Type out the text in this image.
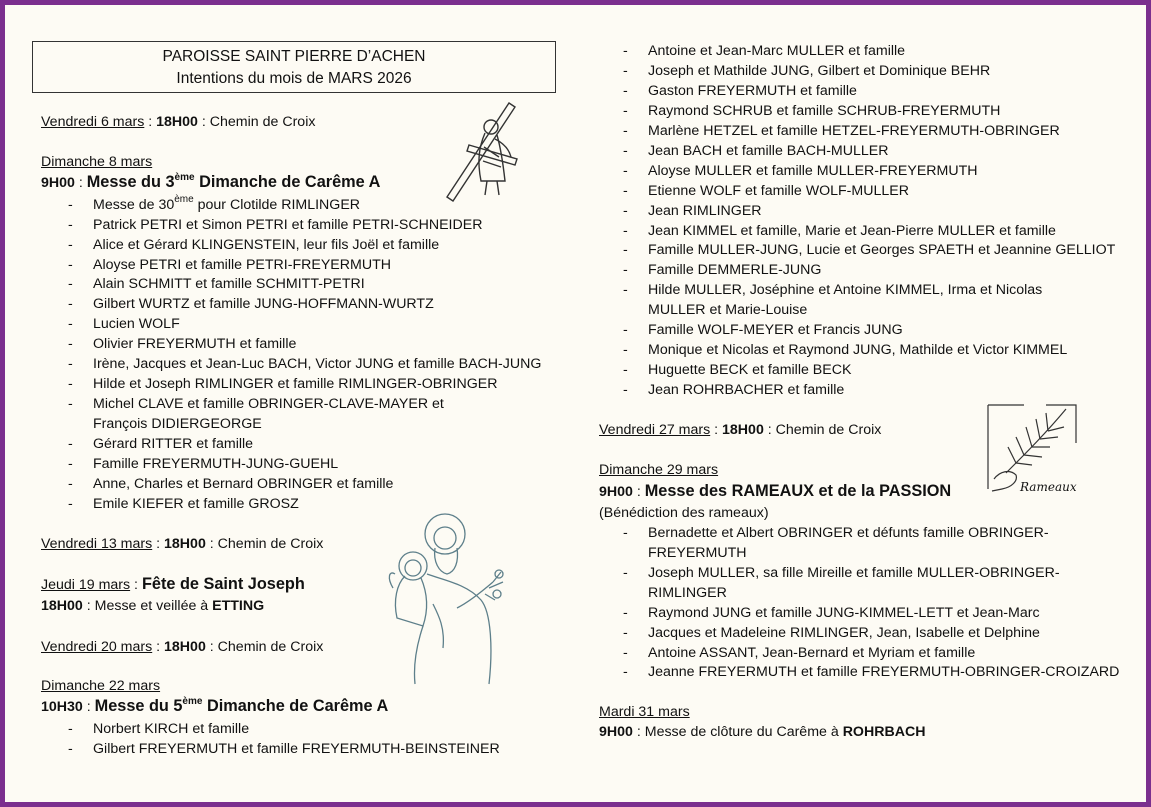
PAROISSE SAINT PIERRE D’ACHEN
Intentions du mois de MARS 2026
Vendredi 6 mars : 18H00 : Chemin de Croix
Dimanche 8 mars
9H00 : Messe du 3ème Dimanche de Carême A
- Messe de 30ème pour Clotilde RIMLINGER
- Patrick PETRI et Simon PETRI et famille PETRI-SCHNEIDER
- Alice et Gérard KLINGENSTEIN, leur fils Joël et famille
- Aloyse PETRI et famille PETRI-FREYERMUTH
- Alain SCHMITT et famille SCHMITT-PETRI
- Gilbert WURTZ et famille JUNG-HOFFMANN-WURTZ
- Lucien WOLF
- Olivier FREYERMUTH et famille
- Irène, Jacques et Jean-Luc BACH, Victor JUNG et famille BACH-JUNG
- Hilde et Joseph RIMLINGER et famille RIMLINGER-OBRINGER
- Michel CLAVE et famille OBRINGER-CLAVE-MAYER et
François DIDIERGEORGE
- Gérard RITTER et famille
- Famille FREYERMUTH-JUNG-GUEHL
- Anne, Charles et Bernard OBRINGER et famille
- Emile KIEFER et famille GROSZ
Vendredi 13 mars : 18H00 : Chemin de Croix
Jeudi 19 mars : Fête de Saint Joseph
18H00 : Messe et veillée à ETTING
Vendredi 20 mars : 18H00 : Chemin de Croix
Dimanche 22 mars
10H30 : Messe du 5ème Dimanche de Carême A
- Norbert KIRCH et famille
- Gilbert FREYERMUTH et famille FREYERMUTH-BEINSTEINER
- Antoine et Jean-Marc MULLER et famille
- Joseph et Mathilde JUNG, Gilbert et Dominique BEHR
- Gaston FREYERMUTH et famille
- Raymond SCHRUB et famille SCHRUB-FREYERMUTH
- Marlène HETZEL et famille HETZEL-FREYERMUTH-OBRINGER
- Jean BACH et famille BACH-MULLER
- Aloyse MULLER et famille MULLER-FREYERMUTH
- Etienne WOLF et famille WOLF-MULLER
- Jean RIMLINGER
- Jean KIMMEL et famille, Marie et Jean-Pierre MULLER et famille
- Famille MULLER-JUNG, Lucie et Georges SPAETH et Jeannine GELLIOT
- Famille DEMMERLE-JUNG
- Hilde MULLER, Joséphine et Antoine KIMMEL, Irma et Nicolas
MULLER et Marie-Louise
- Famille WOLF-MEYER et Francis JUNG
- Monique et Nicolas et Raymond JUNG, Mathilde et Victor KIMMEL
- Huguette BECK et famille BECK
- Jean ROHRBACHER et famille
Vendredi 27 mars : 18H00 : Chemin de Croix
Dimanche 29 mars
9H00 : Messe des RAMEAUX et de la PASSION
(Bénédiction des rameaux)
- Bernadette et Albert OBRINGER et défunts famille OBRINGER-
FREYERMUTH
- Joseph MULLER, sa fille Mireille et famille MULLER-OBRINGER-
RIMLINGER
- Raymond JUNG et famille JUNG-KIMMEL-LETT et Jean-Marc
- Jacques et Madeleine RIMLINGER, Jean, Isabelle et Delphine
- Antoine ASSANT, Jean-Bernard et Myriam et famille
- Jeanne FREYERMUTH et famille FREYERMUTH-OBRINGER-CROIZARD
Mardi 31 mars
9H00 : Messe de clôture du Carême à ROHRBACH
Rameaux
